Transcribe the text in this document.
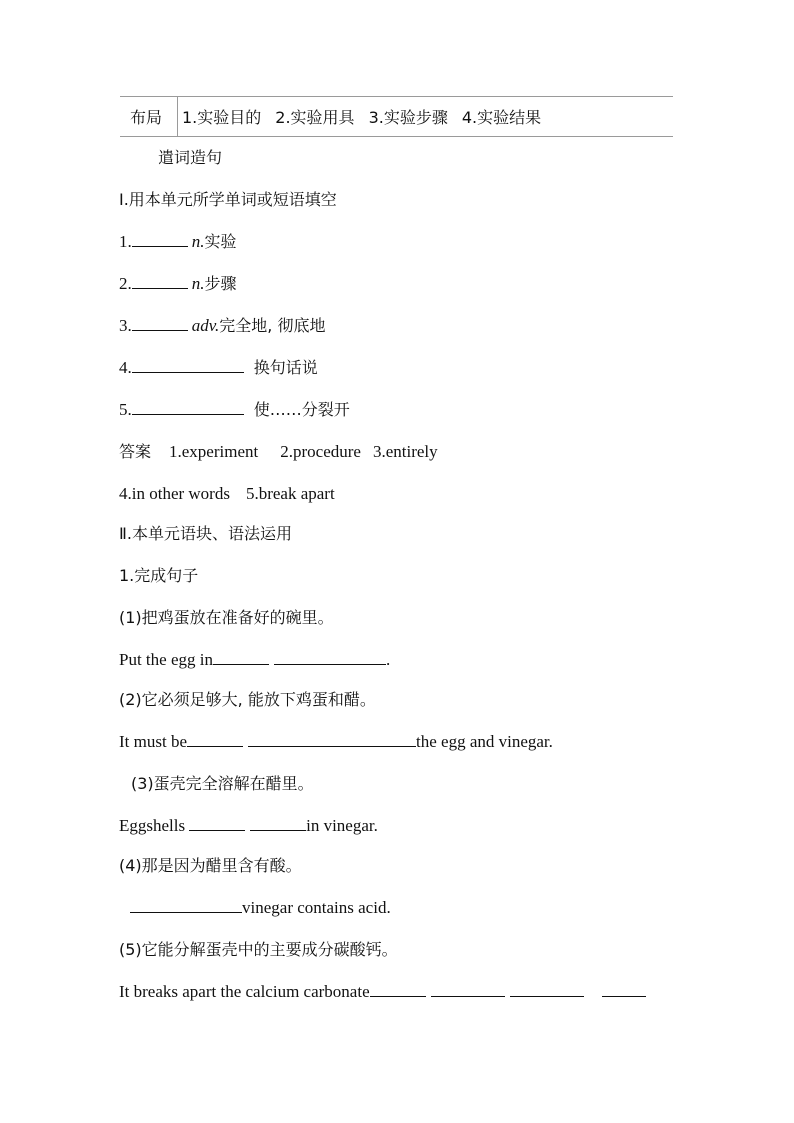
布局	1.实验目的 2.实验用具 3.实验步骤 4.实验结果
遣词造句
Ⅰ.用本单元所学单词或短语填空
1.	n.实验
2.	n.步骤
3.	adv.完全地, 彻底地
4.	换句话说
5.	使……分裂开
答案 1.experiment 2.procedure 3.entirely
4.in other words 5.break apart
Ⅱ.本单元语块、语法运用
1.完成句子
(1)把鸡蛋放在准备好的碗里。
Put the egg in	.
(2)它必须足够大, 能放下鸡蛋和醋。
It must be	the egg and vinegar.
(3)蛋壳完全溶解在醋里。
Eggshells	in vinegar.
(4)那是因为醋里含有酸。
vinegar contains acid.
(5)它能分解蛋壳中的主要成分碳酸钙。
It breaks apart the calcium carbonate
